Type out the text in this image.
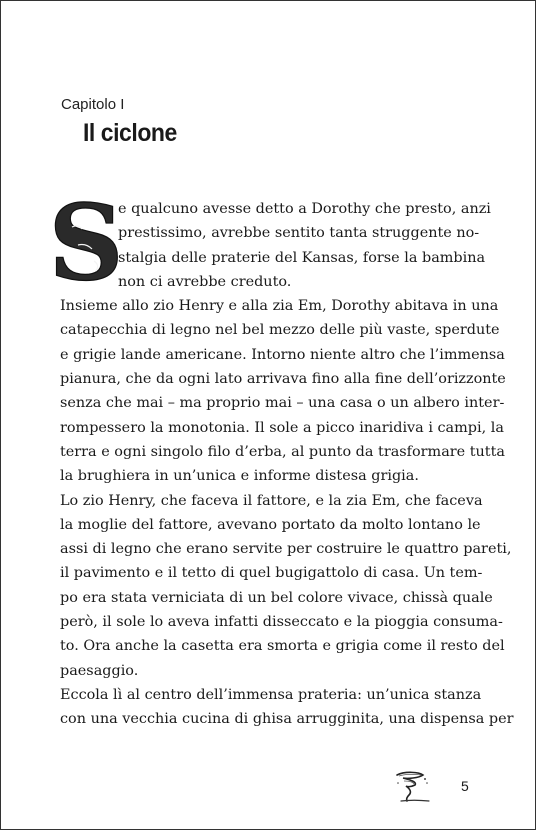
Capitolo I
Il ciclone
S
e qualcuno avesse detto a Dorothy che presto, anzi
prestissimo, avrebbe sentito tanta struggente no-
stalgia delle praterie del Kansas, forse la bambina
non ci avrebbe creduto.
Insieme allo zio Henry e alla zia Em, Dorothy abitava in una
catapecchia di legno nel bel mezzo delle più vaste, sperdute
e grigie lande americane. Intorno niente altro che l’immensa
pianura, che da ogni lato arrivava fino alla fine dell’orizzonte
senza che mai – ma proprio mai – una casa o un albero inter-
rompessero la monotonia. Il sole a picco inaridiva i campi, la
terra e ogni singolo filo d’erba, al punto da trasformare tutta
la brughiera in un’unica e informe distesa grigia.
Lo zio Henry, che faceva il fattore, e la zia Em, che faceva
la moglie del fattore, avevano portato da molto lontano le
assi di legno che erano servite per costruire le quattro pareti,
il pavimento e il tetto di quel bugigattolo di casa. Un tem-
po era stata verniciata di un bel colore vivace, chissà quale
però, il sole lo aveva infatti disseccato e la pioggia consuma-
to. Ora anche la casetta era smorta e grigia come il resto del
paesaggio.
Eccola lì al centro dell’immensa prateria: un’unica stanza
con una vecchia cucina di ghisa arrugginita, una dispensa per
5
